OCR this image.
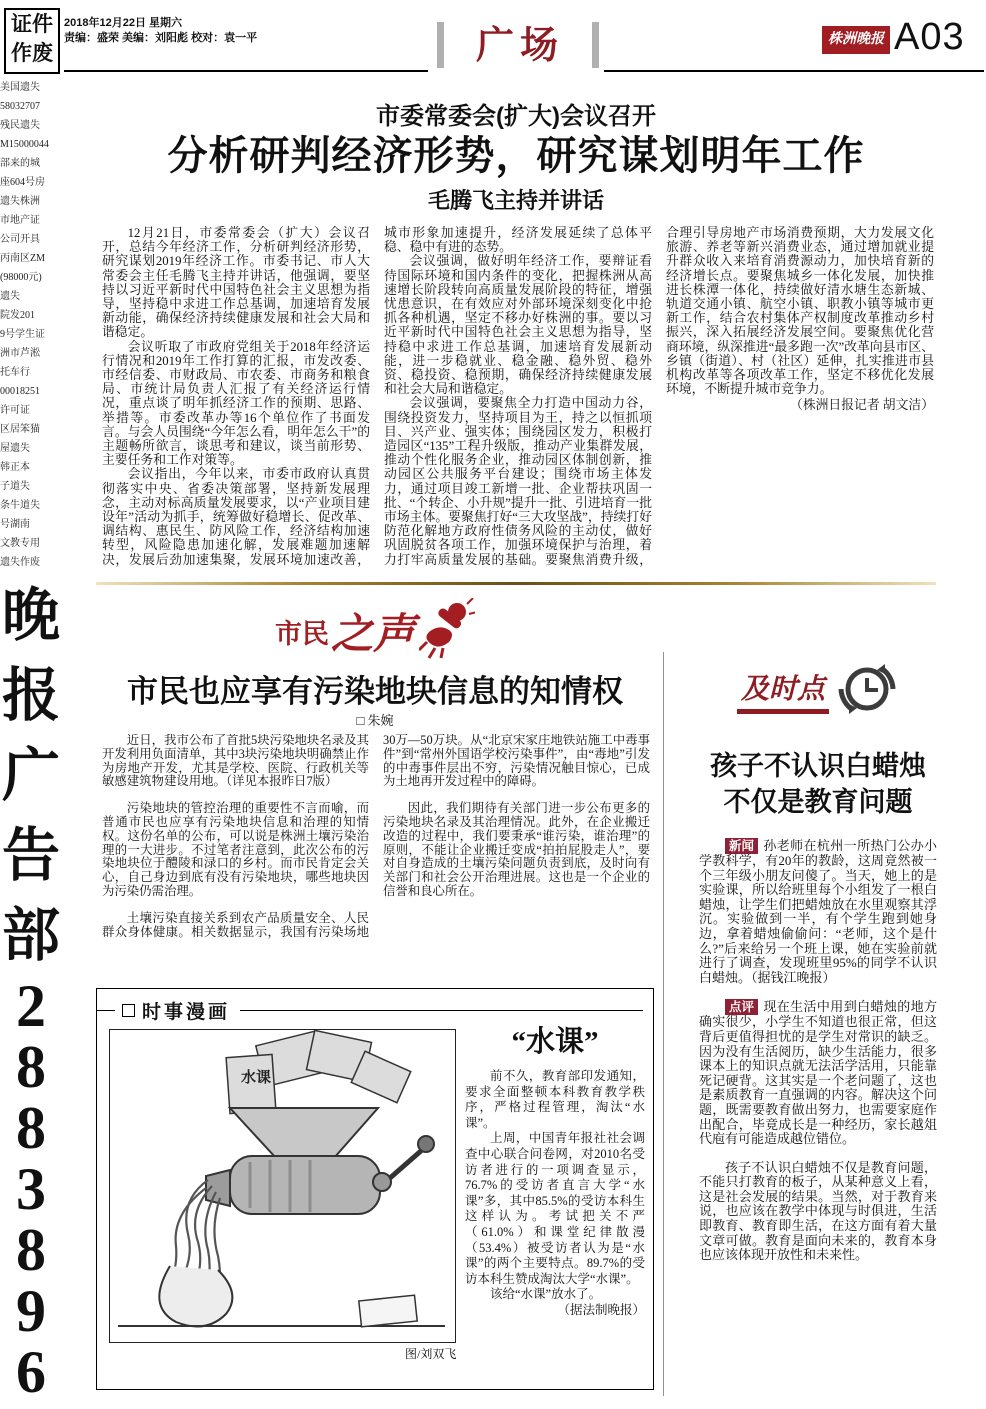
证件
作废
美国遗失
58032707
残民遗失
M15000044
部来的城
座604号房
遗失株洲
市地产证
公司开具
丙南区ZM
(98000元)
遗失
院发201
9号学生证
洲市芦淞
托车行
00018251
许可证
区居笨猫
屋遗失
韩正本
子道失
条牛道失
号湖南
文教专用
遗失作废
晚
报
广
告
部
2
8
8
3
8
9
6
2018年12月22日 星期六
责编：盛荣 美编：刘阳彪 校对：袁一平	广场	株洲晚报 A03
市委常委会(扩大)会议召开
分析研判经济形势，研究谋划明年工作
毛腾飞主持并讲话

12月21日，市委常委会（扩大）会议召开，总结今年经济工作，分析研判经济形势，研究谋划2019年经济工作。市委书记、市人大常委会主任毛腾飞主持并讲话，他强调，要坚持以习近平新时代中国特色社会主义思想为指导，坚持稳中求进工作总基调，加速培育发展新动能，确保经济持续健康发展和社会大局和谐稳定。

会议听取了市政府党组关于2018年经济运行情况和2019年工作打算的汇报，市发改委、市经信委、市财政局、市农委、市商务和粮食局、市统计局负责人汇报了有关经济运行情况，重点谈了明年抓经济工作的预期、思路、举措等。市委改革办等16个单位作了书面发言。与会人员围绕“今年怎么看，明年怎么干”的主题畅所欲言，谈思考和建议，谈当前形势、主要任务和工作对策等。

会议指出，今年以来，市委市政府认真贯彻落实中央、省委决策部署，坚持新发展理念，主动对标高质量发展要求，以“产业项目建设年”活动为抓手，统筹做好稳增长、促改革、调结构、惠民生、防风险工作，经济结构加速转型，风险隐患加速化解，发展难题加速解决，发展后劲加速集聚，发展环境加速改善，城市形象加速提升，经济发展延续了总体平稳、稳中有进的态势。

会议强调，做好明年经济工作，要辩证看待国际环境和国内条件的变化，把握株洲从高速增长阶段转向高质量发展阶段的特征，增强忧患意识，在有效应对外部环境深刻变化中抢抓各种机遇，坚定不移办好株洲的事。要以习近平新时代中国特色社会主义思想为指导，坚持稳中求进工作总基调，加速培育发展新动能，进一步稳就业、稳金融、稳外贸、稳外资、稳投资、稳预期，确保经济持续健康发展和社会大局和谐稳定。

会议强调，要聚焦全力打造中国动力谷，围绕投资发力，坚持项目为王，持之以恒抓项目、兴产业、强实体；围绕园区发力，积极打造园区“135”工程升级版，推动产业集群发展，推动个性化服务企业，推动园区体制创新，推动园区公共服务平台建设；围绕市场主体发力，通过项目竣工新增一批、企业帮扶巩固一批、“个转企、小升规”提升一批、引进培育一批市场主体。要聚焦打好“三大攻坚战”，持续打好防范化解地方政府性债务风险的主动仗，做好巩固脱贫各项工作，加强环境保护与治理，着力打牢高质量发展的基础。要聚焦消费升级，合理引导房地产市场消费预期，大力发展文化旅游、养老等新兴消费业态，通过增加就业提升群众收入来培育消费源动力，加快培育新的经济增长点。要聚焦城乡一体化发展，加快推进长株潭一体化，持续做好清水塘生态新城、轨道交通小镇、航空小镇、职教小镇等城市更新工作，结合农村集体产权制度改革推动乡村振兴，深入拓展经济发展空间。要聚焦优化营商环境，纵深推进“最多跑一次”改革向县市区、乡镇（街道）、村（社区）延伸，扎实推进市县机构改革等各项改革工作，坚定不移优化发展环境，不断提升城市竞争力。

（株洲日报记者 胡文洁）

市民 之声
市民也应享有污染地块信息的知情权
□ 朱婉

近日，我市公布了首批5块污染地块名录及其开发利用负面清单，其中3块污染地块明确禁止作为房地产开发，尤其是学校、医院、行政机关等敏感建筑物建设用地。（详见本报昨日7版）

污染地块的管控治理的重要性不言而喻，而普通市民也应享有污染地块信息和治理的知情权。这份名单的公布，可以说是株洲土壤污染治理的一大进步。不过笔者注意到，此次公布的污染地块位于醴陵和渌口的乡村。而市民肯定会关心，自己身边到底有没有污染地块，哪些地块因为污染仍需治理。

土壤污染直接关系到农产品质量安全、人民群众身体健康。相关数据显示，我国有污染场地30万—50万块。从“北京宋家庄地铁站施工中毒事件”到“常州外国语学校污染事件”，由“毒地”引发的中毒事件层出不穷，污染情况触目惊心，已成为土地再开发过程中的障碍。

因此，我们期待有关部门进一步公布更多的污染地块名录及其治理情况。此外，在企业搬迁改造的过程中，我们要秉承“谁污染，谁治理”的原则，不能让企业搬迁变成“拍拍屁股走人”，要对自身造成的土壤污染问题负责到底，及时向有关部门和社会公开治理进展。这也是一个企业的信誉和良心所在。

及时点
孩子不认识白蜡烛
不仅是教育问题

新闻 孙老师在杭州一所热门公办小学教科学，有20年的教龄，这周竟然被一个三年级小朋友问傻了。当天，她上的是实验课，所以给班里每个小组发了一根白蜡烛，让学生们把蜡烛放在水里观察其浮沉。实验做到一半，有个学生跑到她身边，拿着蜡烛偷偷问：“老师，这个是什么?”后来给另一个班上课，她在实验前就进行了调查，发现班里95%的同学不认识白蜡烛。（据钱江晚报）

点评 现在生活中用到白蜡烛的地方确实很少，小学生不知道也很正常，但这背后更值得担忧的是学生对常识的缺乏。因为没有生活阅历，缺少生活能力，很多课本上的知识点就无法活学活用，只能靠死记硬背。这其实是一个老问题了，这也是素质教育一直强调的内容。解决这个问题，既需要教育做出努力，也需要家庭作出配合，毕竟成长是一种经历，家长越俎代庖有可能造成越位错位。

孩子不认识白蜡烛不仅是教育问题，不能只打教育的板子，从某种意义上看，这是社会发展的结果。当然，对于教育来说，也应该在教学中体现与时俱进，生活即教育、教育即生活，在这方面有着大量文章可做。教育是面向未来的，教育本身也应该体现开放性和未来性。

时事漫画
水课
图/刘双飞
“水课”

前不久，教育部印发通知，要求全面整顿本科教育教学秩序，严格过程管理，淘汰“水课”。

上周，中国青年报社社会调查中心联合问卷网，对2010名受访者进行的一项调查显示，76.7%的受访者直言大学“水课”多，其中85.5%的受访本科生这样认为。考试把关不严（61.0%）和课堂纪律散漫（53.4%）被受访者认为是“水课”的两个主要特点。89.7%的受访本科生赞成淘汰大学“水课”。

该给“水课”放水了。

（据法制晚报）
